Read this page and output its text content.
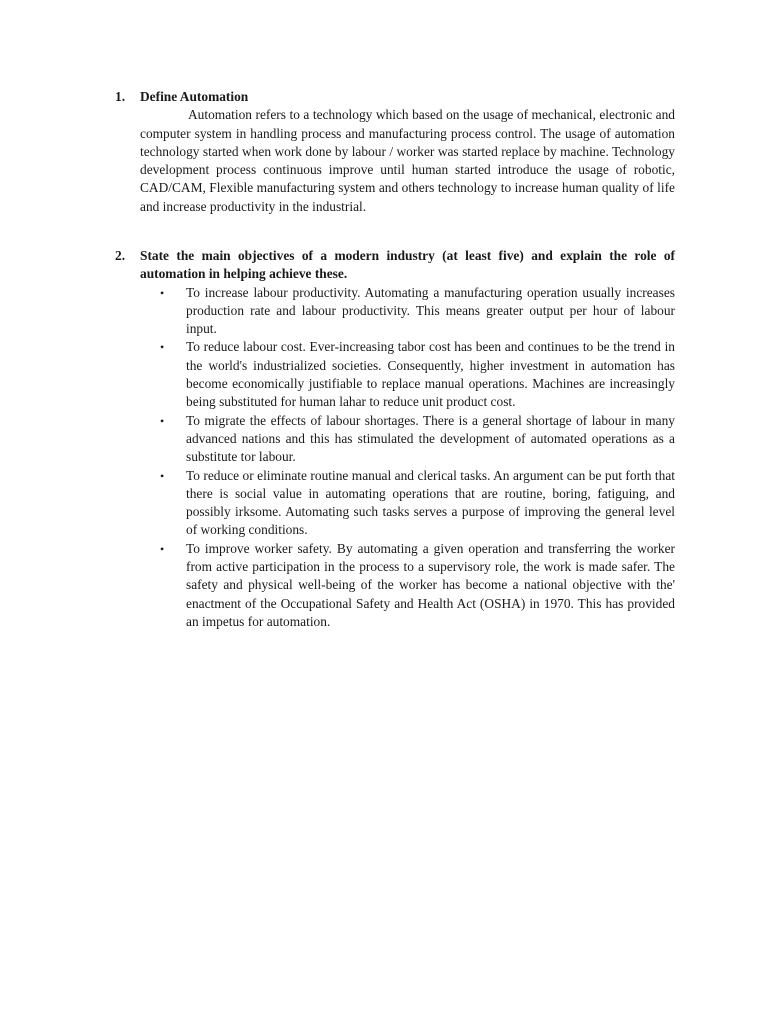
1. Define Automation
Automation refers to a technology which based on the usage of mechanical, electronic and computer system in handling process and manufacturing process control. The usage of automation technology started when work done by labour / worker was started replace by machine. Technology development process continuous improve until human started introduce the usage of robotic, CAD/CAM, Flexible manufacturing system and others technology to increase human quality of life and increase productivity in the industrial.
2. State the main objectives of a modern industry (at least five) and explain the role of automation in helping achieve these.
• To increase labour productivity. Automating a manufacturing operation usually increases production rate and labour productivity. This means greater output per hour of labour input.
• To reduce labour cost. Ever-increasing tabor cost has been and continues to be the trend in the world's industrialized societies. Consequently, higher investment in automation has become economically justifiable to replace manual operations. Machines are increasingly being substituted for human lahar to reduce unit product cost.
• To migrate the effects of labour shortages. There is a general shortage of labour in many advanced nations and this has stimulated the development of automated operations as a substitute tor labour.
• To reduce or eliminate routine manual and clerical tasks. An argument can be put forth that there is social value in automating operations that are routine, boring, fatiguing, and possibly irksome. Automating such tasks serves a purpose of improving the general level of working conditions.
• To improve worker safety. By automating a given operation and transferring the worker from active participation in the process to a supervisory role, the work is made safer. The safety and physical well-being of the worker has become a national objective with the' enactment of the Occupational Safety and Health Act (OSHA) in 1970. This has provided an impetus for automation.
